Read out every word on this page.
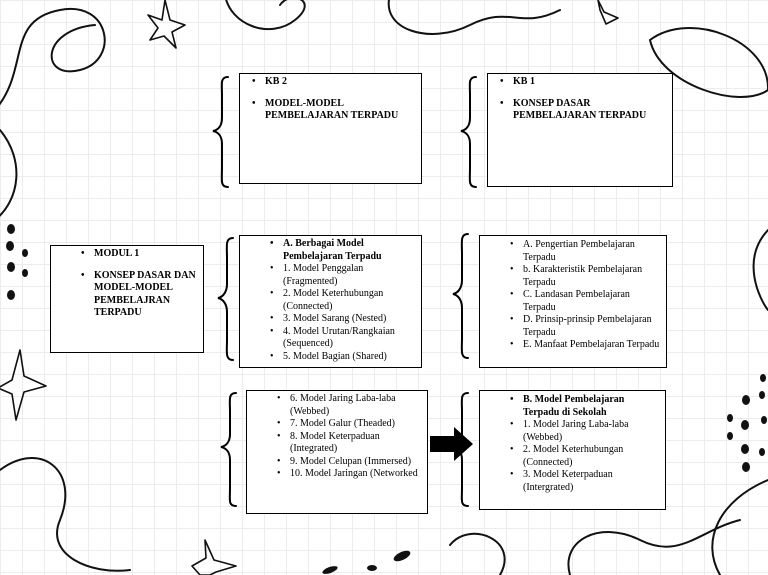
• KB 2
• MODEL-MODEL PEMBELAJARAN TERPADU
• KB 1
• KONSEP DASAR PEMBELAJARAN TERPADU
• MODUL 1
• KONSEP DASAR DAN MODEL-MODEL PEMBELAJRAN TERPADU
• A. Berbagai Model Pembelajaran Terpadu
• 1. Model Penggalan (Fragmented)
• 2. Model Keterhubungan (Connected)
• 3. Model Sarang (Nested)
• 4. Model Urutan/Rangkaian (Sequenced)
• 5. Model Bagian (Shared)
• A. Pengertian Pembelajaran Terpadu
• b. Karakteristik Pembelajaran Terpadu
• C. Landasan Pembelajaran Terpadu
• D. Prinsip-prinsip Pembelajaran Terpadu
• E. Manfaat Pembelajaran Terpadu
• 6. Model Jaring Laba-laba (Webbed)
• 7. Model Galur (Theaded)
• 8. Model Keterpaduan (Integrated)
• 9. Model Celupan (Immersed)
• 10. Model Jaringan (Networked
• B. Model Pembelajaran Terpadu di Sekolah
• 1. Model Jaring Laba-laba (Webbed)
• 2. Model Keterhubungan (Connected)
• 3. Model Keterpaduan (Intergrated)
